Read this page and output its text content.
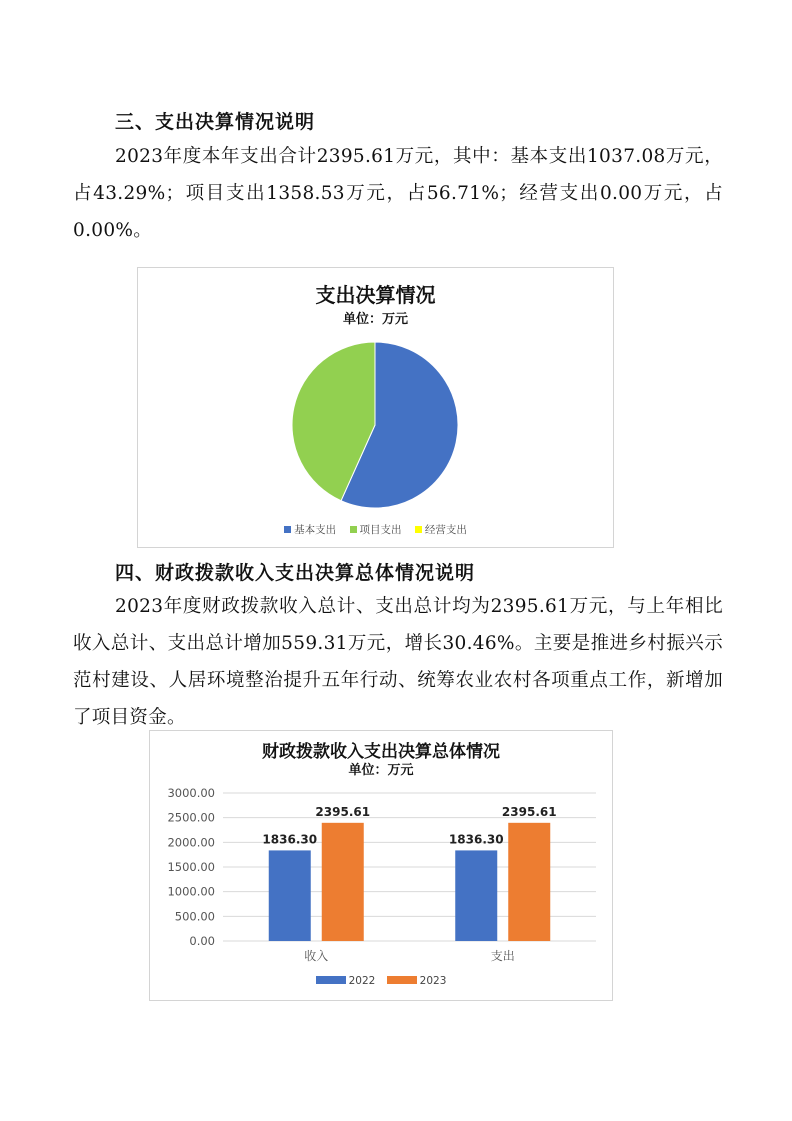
三、支出决算情况说明
2023年度本年支出合计2395.61万元，其中：基本支出1037.08万元，占43.29%；项目支出1358.53万元，占56.71%；经营支出0.00万元，占0.00%。
支出决算情况
单位：万元
基本支出 项目支出 经营支出
四、财政拨款收入支出决算总体情况说明
2023年度财政拨款收入总计、支出总计均为2395.61万元，与上年相比收入总计、支出总计增加559.31万元，增长30.46%。主要是推进乡村振兴示范村建设、人居环境整治提升五年行动、统筹农业农村各项重点工作，新增加了项目资金。
财政拨款收入支出决算总体情况
单位：万元
0.00
500.00
1000.00
1500.00
2000.00
2500.00
3000.00
1836.30
2395.61
收入
1836.30
2395.61
支出
2022	2023
